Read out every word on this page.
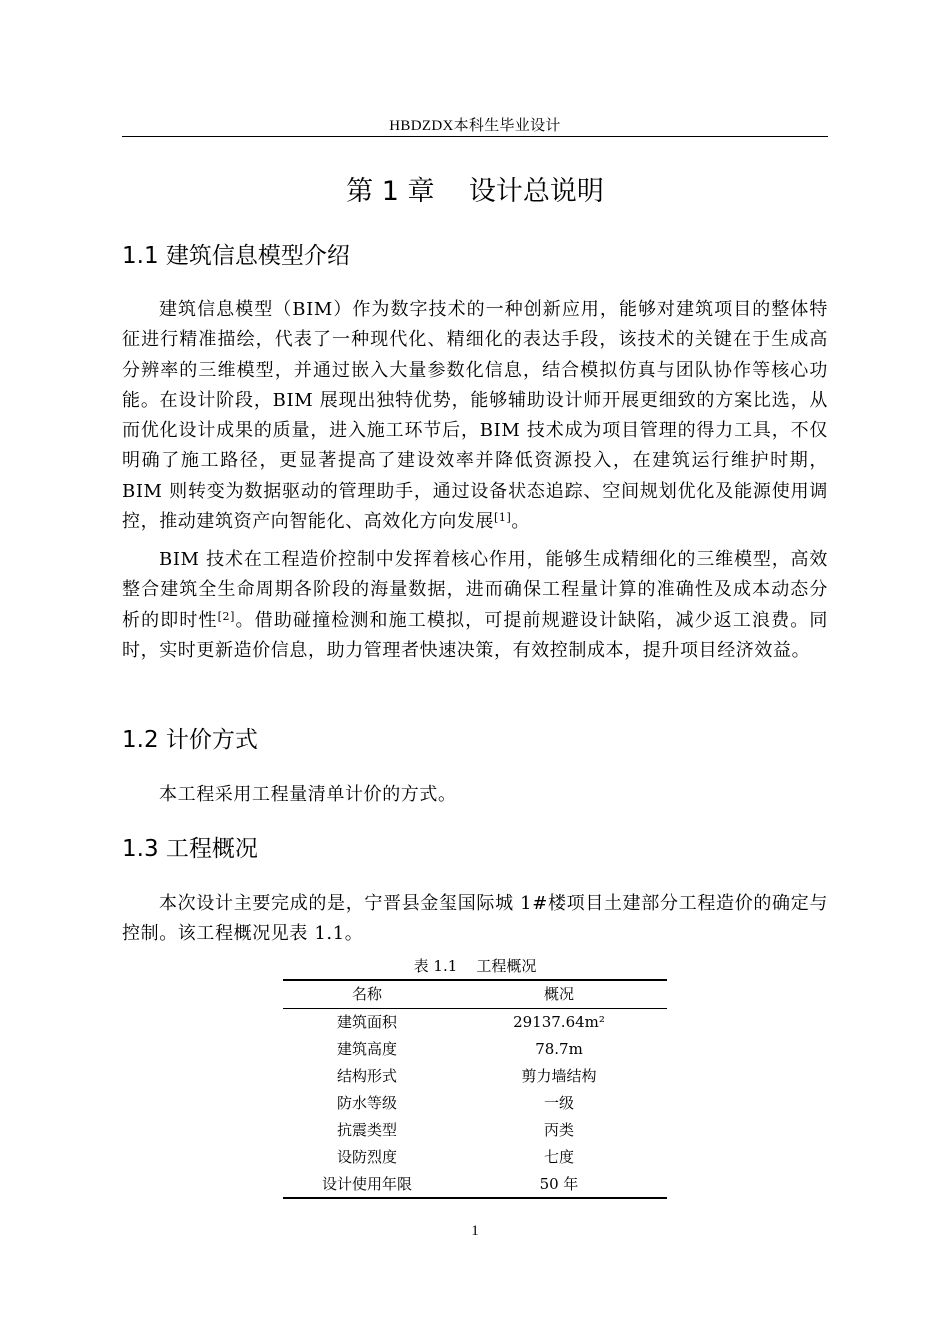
HBDZDX本科生毕业设计
第 1 章    设计总说明
1.1 建筑信息模型介绍

建筑信息模型（BIM）作为数字技术的一种创新应用，能够对建筑项目的整体特征进行精准描绘，代表了一种现代化、精细化的表达手段，该技术的关键在于生成高分辨率的三维模型，并通过嵌入大量参数化信息，结合模拟仿真与团队协作等核心功能。在设计阶段，BIM 展现出独特优势，能够辅助设计师开展更细致的方案比选，从而优化设计成果的质量，进入施工环节后，BIM 技术成为项目管理的得力工具，不仅明确了施工路径，更显著提高了建设效率并降低资源投入，在建筑运行维护时期，BIM 则转变为数据驱动的管理助手，通过设备状态追踪、空间规划优化及能源使用调控，推动建筑资产向智能化、高效化方向发展[1]。

BIM 技术在工程造价控制中发挥着核心作用，能够生成精细化的三维模型，高效整合建筑全生命周期各阶段的海量数据，进而确保工程量计算的准确性及成本动态分析的即时性[2]。借助碰撞检测和施工模拟，可提前规避设计缺陷，减少返工浪费。同时，实时更新造价信息，助力管理者快速决策，有效控制成本，提升项目经济效益。

1.2 计价方式

本工程采用工程量清单计价的方式。

1.3 工程概况

本次设计主要完成的是，宁晋县金玺国际城 1#楼项目土建部分工程造价的确定与控制。该工程概况见表 1.1。

表 1.1    工程概况
名称	概况
建筑面积	29137.64m²
建筑高度	78.7m
结构形式	剪力墙结构
防水等级	一级
抗震类型	丙类
设防烈度	七度
设计使用年限	50 年
1
